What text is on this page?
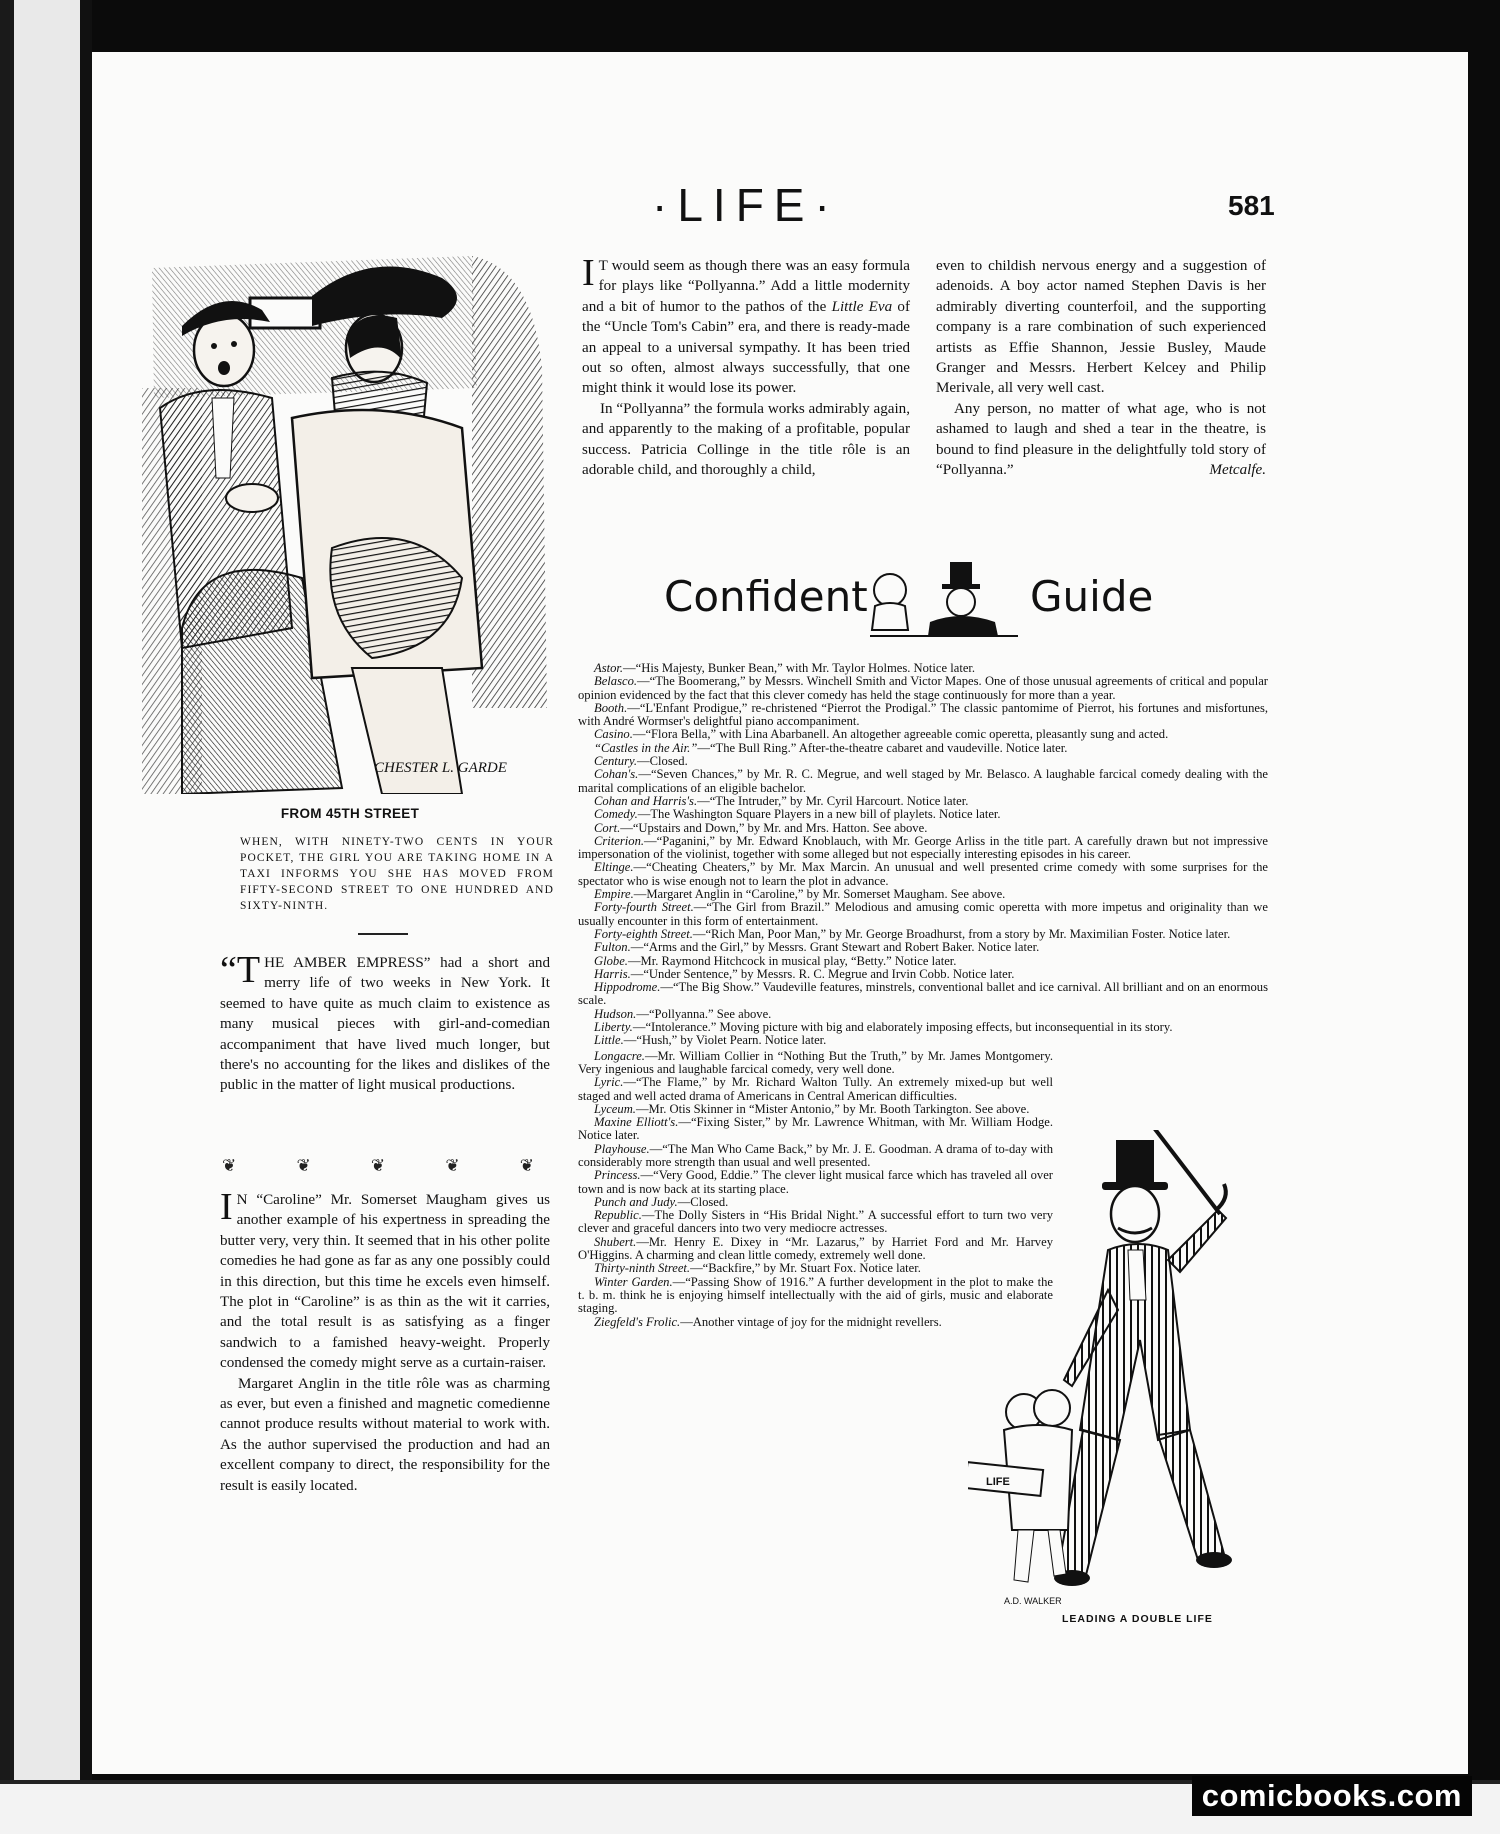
comicbooks.com
·LIFE·	581
CHESTER L. GARDE
FROM 45TH STREET
WHEN, WITH NINETY-TWO CENTS IN YOUR POCKET, THE GIRL YOU ARE TAKING HOME IN A TAXI INFORMS YOU SHE HAS MOVED FROM FIFTY-SECOND STREET TO ONE HUNDRED AND SIXTY-NINTH.

“THE AMBER EMPRESS” had a short and merry life of two weeks in New York. It seemed to have quite as much claim to existence as many musical pieces with girl-and-comedian accompaniment that have lived much longer, but there's no accounting for the likes and dislikes of the public in the matter of light musical productions.

❦	❦	❦	❦	❦

I N “Caroline” Mr. Somerset Maugham gives us another example of his expertness in spreading the butter very, very thin. It seemed that in his other polite comedies he had gone as far as any one possibly could in this direction, but this time he excels even himself. The plot in “Caroline” is as thin as the wit it carries, and the total result is as satisfying as a finger sandwich to a famished heavy-weight. Properly condensed the comedy might serve as a curtain-raiser.

Margaret Anglin in the title rôle was as charming as ever, but even a finished and magnetic comedienne cannot produce results without material to work with. As the author supervised the production and had an excellent company to direct, the responsibility for the result is easily located.

I T would seem as though there was an easy formula for plays like “Pollyanna.” Add a little modernity and a bit of humor to the pathos of the Little Eva of the “Uncle Tom's Cabin” era, and there is ready-made an appeal to a universal sympathy. It has been tried out so often, almost always successfully, that one might think it would lose its power.

In “Pollyanna” the formula works admirably again, and apparently to the making of a profitable, popular success. Patricia Collinge in the title rôle is an adorable child, and thoroughly a child,

even to childish nervous energy and a suggestion of adenoids. A boy actor named Stephen Davis is her admirably diverting counterfoil, and the supporting company is a rare combination of such experienced artists as Effie Shannon, Jessie Busley, Maude Granger and Messrs. Herbert Kelcey and Philip Merivale, all very well cast.

Any person, no matter of what age, who is not ashamed to laugh and shed a tear in the theatre, is bound to find pleasure in the delightfully told story of “Pollyanna.”	Metcalfe.

Confident	Guide

Astor.—“His Majesty, Bunker Bean,” with Mr. Taylor Holmes. Notice later.

Belasco.—“The Boomerang,” by Messrs. Winchell Smith and Victor Mapes. One of those unusual agreements of critical and popular opinion evidenced by the fact that this clever comedy has held the stage continuously for more than a year.

Booth.—“L'Enfant Prodigue,” re-christened “Pierrot the Prodigal.” The classic pantomime of Pierrot, his fortunes and misfortunes, with André Wormser's delightful piano accompaniment.

Casino.—“Flora Bella,” with Lina Abarbanell. An altogether agreeable comic operetta, pleasantly sung and acted.

“Castles in the Air.”—“The Bull Ring.” After-the-theatre cabaret and vaudeville. Notice later.

Century.—Closed.

Cohan's.—“Seven Chances,” by Mr. R. C. Megrue, and well staged by Mr. Belasco. A laughable farcical comedy dealing with the marital complications of an eligible bachelor.

Cohan and Harris's.—“The Intruder,” by Mr. Cyril Harcourt. Notice later.

Comedy.—The Washington Square Players in a new bill of playlets. Notice later.

Cort.—“Upstairs and Down,” by Mr. and Mrs. Hatton. See above.

Criterion.—“Paganini,” by Mr. Edward Knoblauch, with Mr. George Arliss in the title part. A carefully drawn but not impressive impersonation of the violinist, together with some alleged but not especially interesting episodes in his career.

Eltinge.—“Cheating Cheaters,” by Mr. Max Marcin. An unusual and well presented crime comedy with some surprises for the spectator who is wise enough not to learn the plot in advance.

Empire.—Margaret Anglin in “Caroline,” by Mr. Somerset Maugham. See above.

Forty-fourth Street.—“The Girl from Brazil.” Melodious and amusing comic operetta with more impetus and originality than we usually encounter in this form of entertainment.

Forty-eighth Street.—“Rich Man, Poor Man,” by Mr. George Broadhurst, from a story by Mr. Maximilian Foster. Notice later.

Fulton.—“Arms and the Girl,” by Messrs. Grant Stewart and Robert Baker. Notice later.

Globe.—Mr. Raymond Hitchcock in musical play, “Betty.” Notice later.

Harris.—“Under Sentence,” by Messrs. R. C. Megrue and Irvin Cobb. Notice later.

Hippodrome.—“The Big Show.” Vaudeville features, minstrels, conventional ballet and ice carnival. All brilliant and on an enormous scale.

Hudson.—“Pollyanna.” See above.

Liberty.—“Intolerance.” Moving picture with big and elaborately imposing effects, but inconsequential in its story.

Little.—“Hush,” by Violet Pearn. Notice later.

Longacre.—Mr. William Collier in “Nothing But the Truth,” by Mr. James Montgomery. Very ingenious and laughable farcical comedy, very well done.

Lyric.—“The Flame,” by Mr. Richard Walton Tully. An extremely mixed-up but well staged and well acted drama of Americans in Central American difficulties.

Lyceum.—Mr. Otis Skinner in “Mister Antonio,” by Mr. Booth Tarkington. See above.

Maxine Elliott's.—“Fixing Sister,” by Mr. Lawrence Whitman, with Mr. William Hodge. Notice later.

Playhouse.—“The Man Who Came Back,” by Mr. J. E. Goodman. A drama of to-day with considerably more strength than usual and well presented.

Princess.—“Very Good, Eddie.” The clever light musical farce which has traveled all over town and is now back at its starting place.

Punch and Judy.—Closed.

Republic.—The Dolly Sisters in “His Bridal Night.” A successful effort to turn two very clever and graceful dancers into two very mediocre actresses.

Shubert.—Mr. Henry E. Dixey in “Mr. Lazarus,” by Harriet Ford and Mr. Harvey O'Higgins. A charming and clean little comedy, extremely well done.

Thirty-ninth Street.—“Backfire,” by Mr. Stuart Fox. Notice later.

Winter Garden.—“Passing Show of 1916.” A further development in the plot to make the t. b. m. think he is enjoying himself intellectually with the aid of girls, music and elaborate staging.

Ziegfeld's Frolic.—Another vintage of joy for the midnight revellers.

LIFE
A.D. WALKER
LEADING A DOUBLE LIFE
